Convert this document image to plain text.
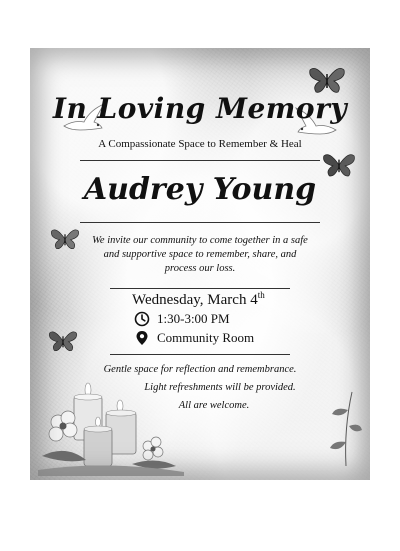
In Loving Memory

A Compassionate Space to Remember & Heal

Audrey Young

We invite our community to come together in a safe and supportive space to remember, share, and process our loss.

Wednesday, March 4th

1:30-3:00 PM

Community Room

Gentle space for reflection and remembrance.

Light refreshments will be provided.

All are welcome.
